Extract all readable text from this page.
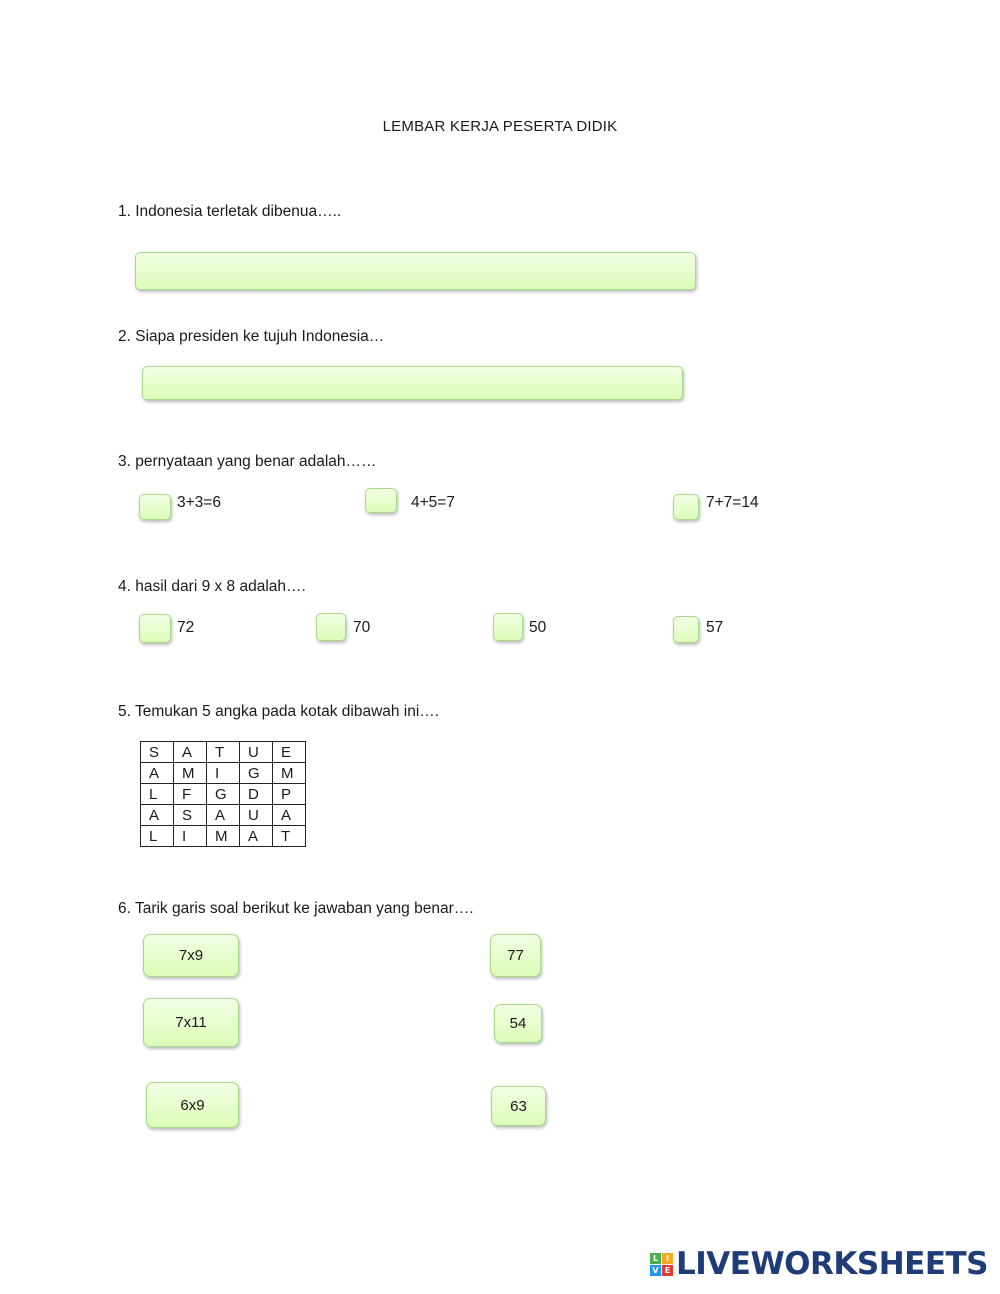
LEMBAR KERJA PESERTA DIDIK
1. Indonesia terletak dibenua…..
2. Siapa presiden ke tujuh Indonesia…
3. pernyataan yang benar adalah……
3+3=6	4+5=7	7+7=14
4. hasil dari 9 x 8 adalah….
72	70	50	57
5. Temukan 5 angka pada kotak dibawah ini….
S	A	T	U	E
A	M	I	G	M
L	F	G	D	P
A	S	A	U	A
L	I	M	A	T
6. Tarik garis soal berikut ke jawaban yang benar….
7x9
7x11
6x9
77
54
63
L I
V E LIVEWORKSHEETS
